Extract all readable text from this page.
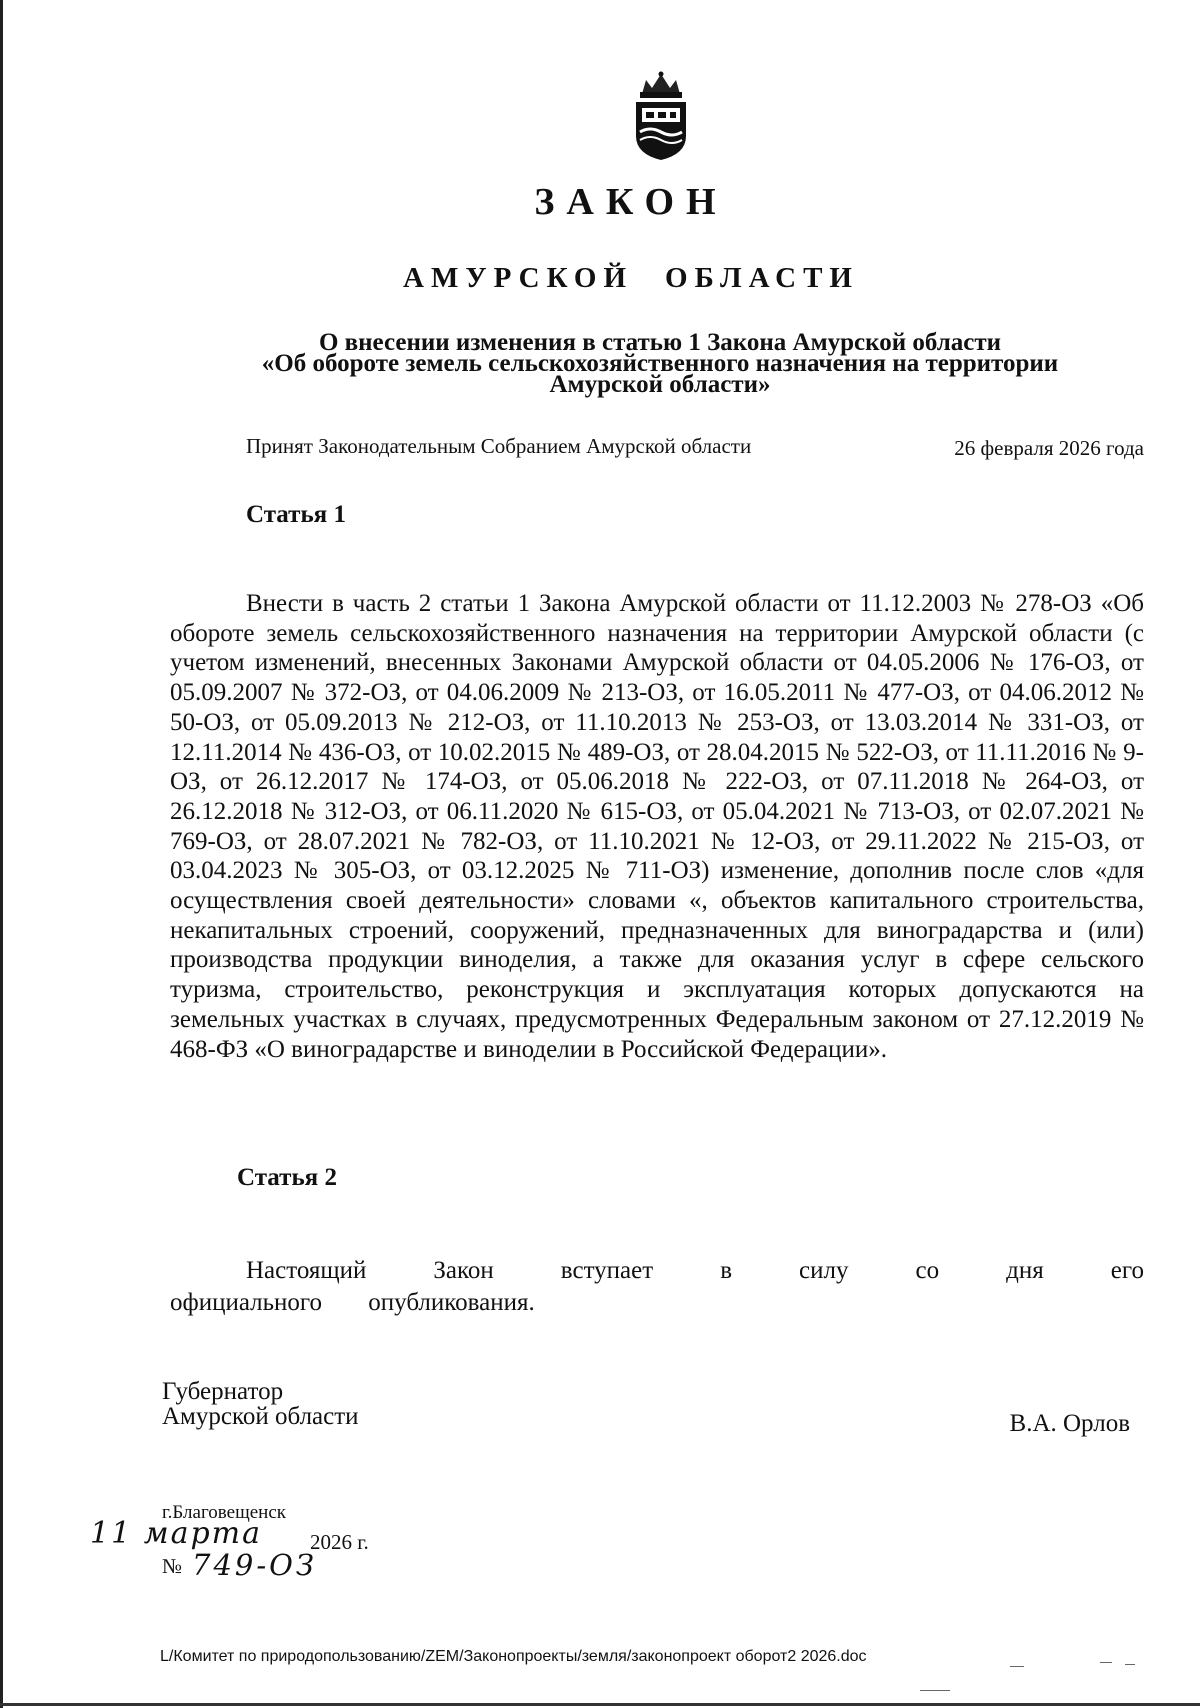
ЗАКОН
АМУРСКОЙ ОБЛАСТИ
О внесении изменения в статью 1 Закона Амурской области
«Об обороте земель сельскохозяйственного назначения на территории
Амурской области»
Принят Законодательным Собранием Амурской области	26 февраля 2026 года
Статья 1

Внести в часть 2 статьи 1 Закона Амурской области от 11.12.2003 № 278-ОЗ «Об обороте земель сельскохозяйственного назначения на территории Амурской области (с учетом изменений, внесенных Законами Амурской области от 04.05.2006 № 176-ОЗ, от 05.09.2007 № 372-ОЗ, от 04.06.2009 № 213-ОЗ, от 16.05.2011 № 477-ОЗ, от 04.06.2012 № 50-ОЗ, от 05.09.2013 № 212-ОЗ, от 11.10.2013 № 253-ОЗ, от 13.03.2014 № 331-ОЗ, от 12.11.2014 № 436-ОЗ, от 10.02.2015 № 489-ОЗ, от 28.04.2015 № 522-ОЗ, от 11.11.2016 № 9-ОЗ, от 26.12.2017 № 174-ОЗ, от 05.06.2018 № 222-ОЗ, от 07.11.2018 № 264-ОЗ, от 26.12.2018 № 312-ОЗ, от 06.11.2020 № 615-ОЗ, от 05.04.2021 № 713-ОЗ, от 02.07.2021 № 769-ОЗ, от 28.07.2021 № 782-ОЗ, от 11.10.2021 № 12-ОЗ, от 29.11.2022 № 215-ОЗ, от 03.04.2023 № 305-ОЗ, от 03.12.2025 № 711-ОЗ) изменение, дополнив после слов «для осуществления своей деятельности» словами «, объектов капитального строительства, некапитальных строений, сооружений, предназначенных для виноградарства и (или) производства продукции виноделия, а также для оказания услуг в сфере сельского туризма, строительство, реконструкция и эксплуатация которых допускаются на земельных участках в случаях, предусмотренных Федеральным законом от 27.12.2019 № 468-ФЗ «О виноградарстве и виноделии в Российской Федерации».

Статья 2

Настоящий Закон вступает в силу со дня его официального опубликования.

Губернатор
Амурской области	В.А. Орлов
г.Благовещенск
11 марта 2026 г.
№ 749-ОЗ
L/Комитет по природопользованию/ZEM/Законопроекты/земля/законопроект оборот2 2026.doc
